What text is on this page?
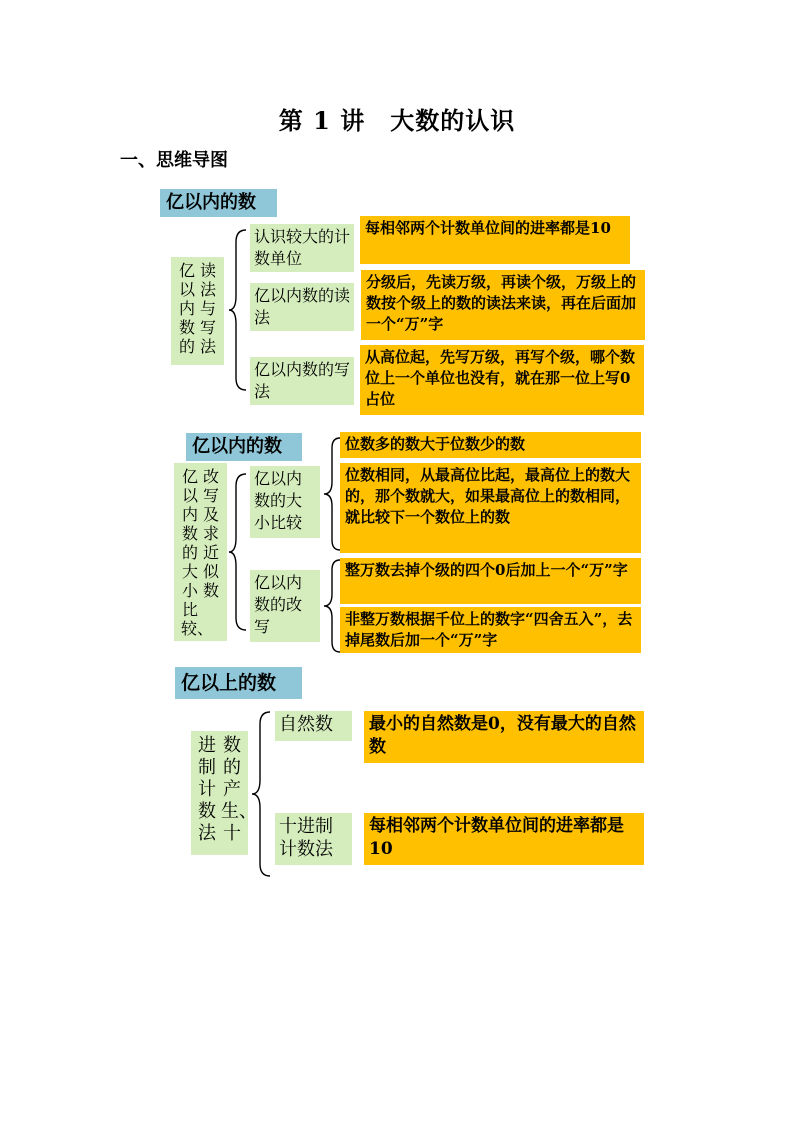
第 1 讲　大数的认识
一、思维导图
亿以内的数
读法与写法
亿以内数的
认识较大的计数单位
每相邻两个计数单位间的进率都是10
亿以内数的读法
分级后，先读万级，再读个级，万级上的数按个级上的数的读法来读，再在后面加一个“万”字
亿以内数的写法
从高位起，先写万级，再写个级，哪个数位上一个单位也没有，就在那一位上写0占位
亿以内的数
改写及求近似数
亿以内数的大小比较、
亿以内数的大小比较
亿以内数的改写
位数多的数大于位数少的数
位数相同，从最高位比起，最高位上的数大的，那个数就大，如果最高位上的数相同，就比较下一个数位上的数
整万数去掉个级的四个0后加上一个“万”字
非整万数根据千位上的数字“四舍五入”，去掉尾数后加一个“万”字
亿以上的数
数的产生、十
进制计数法
自然数	最小的自然数是0，没有最大的自然数
十进制计数法
每相邻两个计数单位间的进率都是10
